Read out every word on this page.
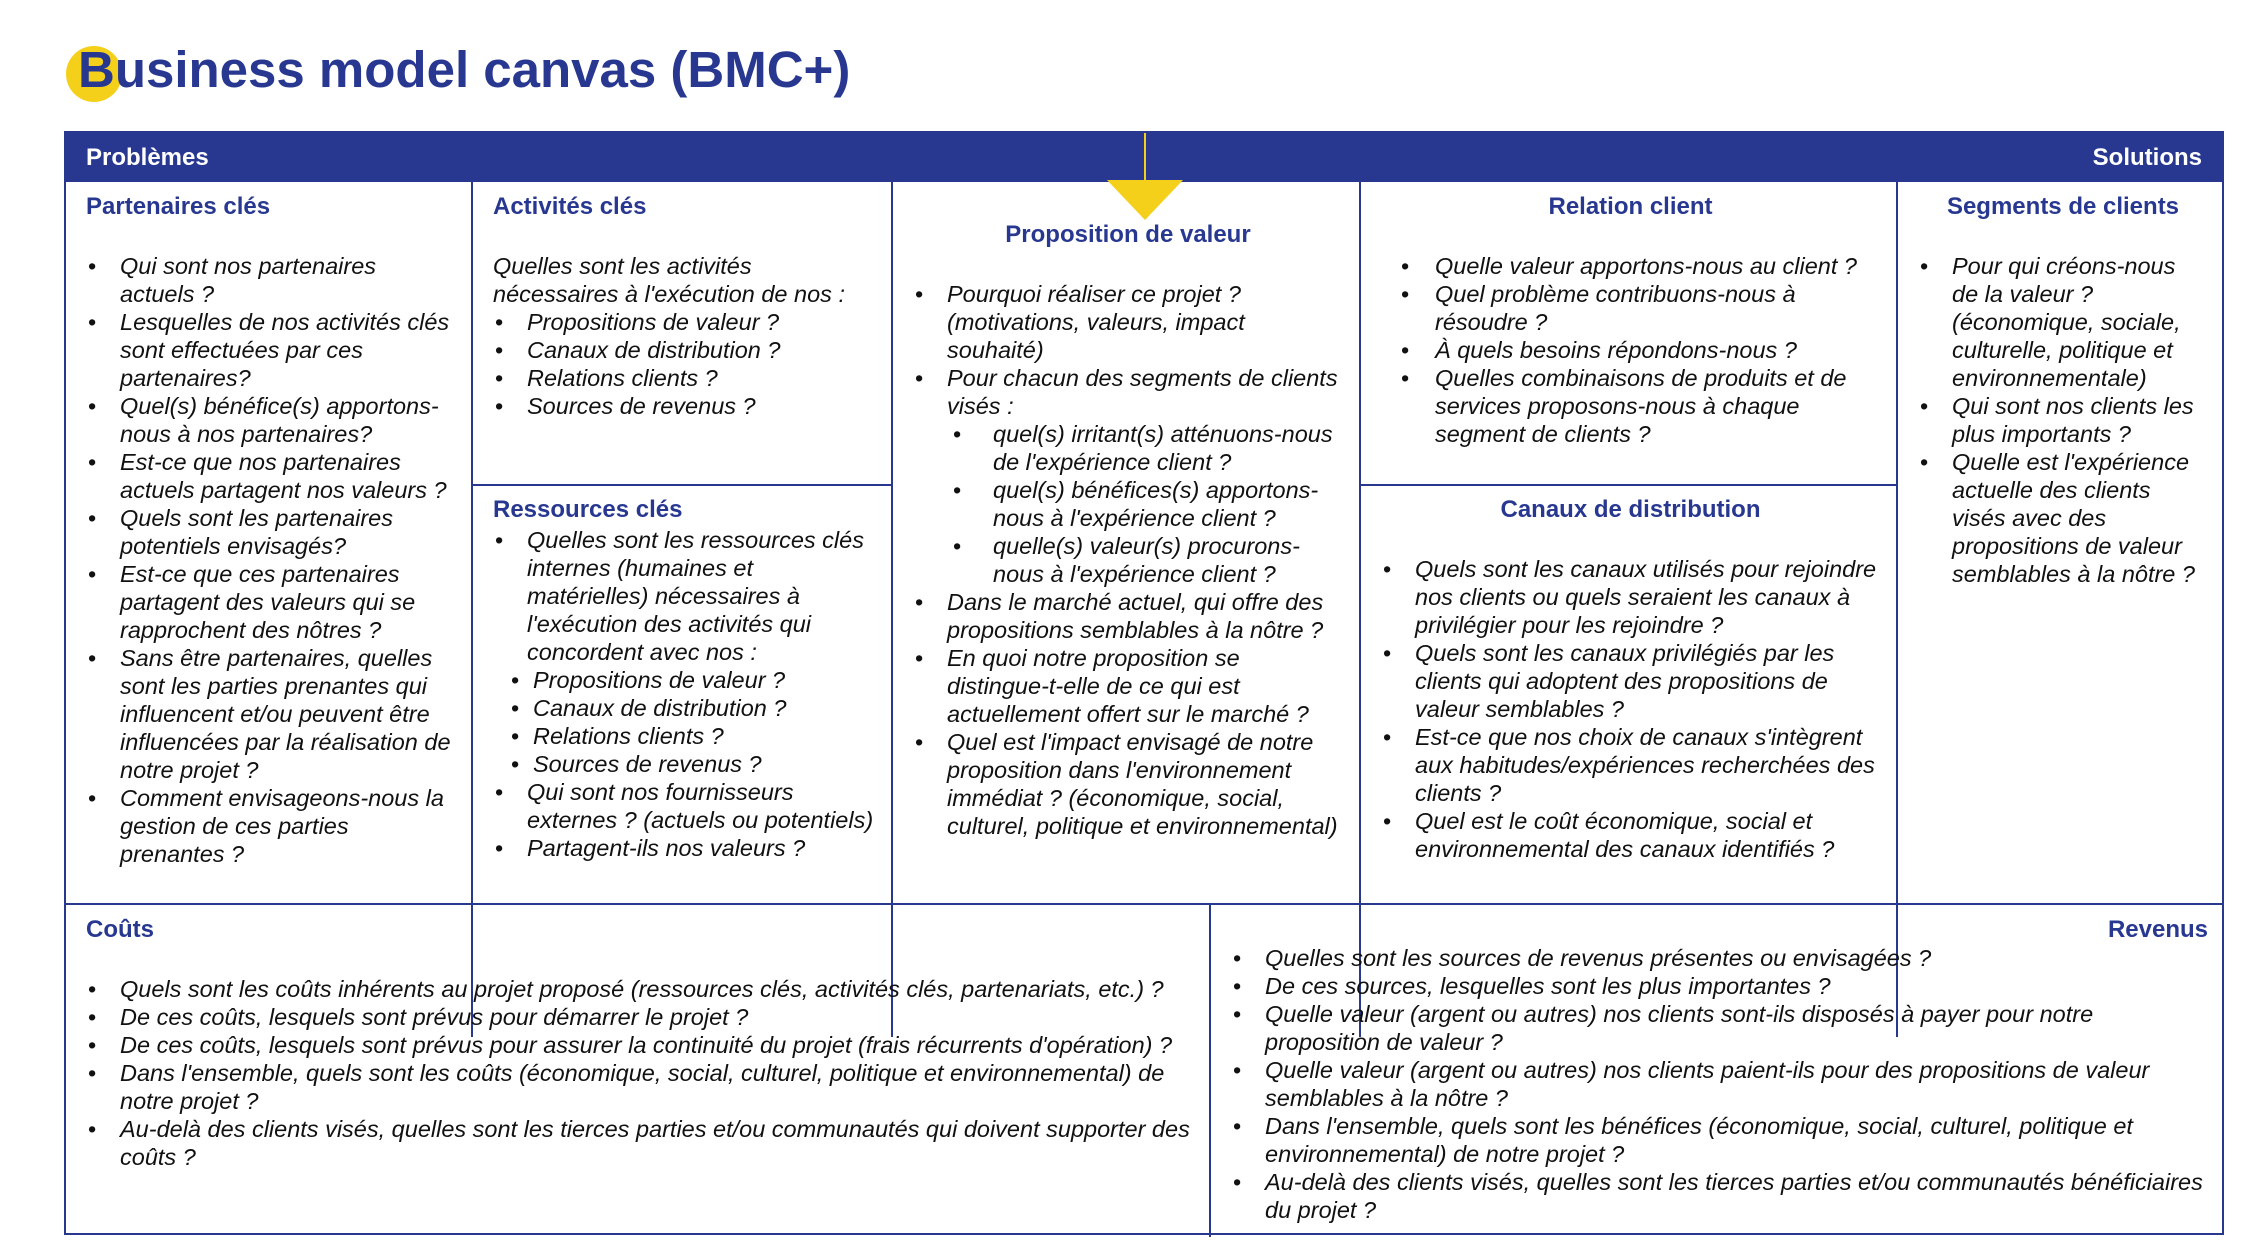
Business model canvas (BMC+)
Problèmes	Solutions
Partenaires clés
• Qui sont nos partenaires actuels ?
• Lesquelles de nos activités clés sont effectuées par ces partenaires?
• Quel(s) bénéfice(s) apportons-nous à nos partenaires?
• Est-ce que nos partenaires actuels partagent nos valeurs ?
• Quels sont les partenaires potentiels envisagés?
• Est-ce que ces partenaires partagent des valeurs qui se rapprochent des nôtres ?
• Sans être partenaires, quelles sont les parties prenantes qui influencent et/ou peuvent être influencées par la réalisation de notre projet ?
• Comment envisageons-nous la gestion de ces parties prenantes ?
Activités clés

Quelles sont les activités nécessaires à l'exécution de nos :

• Propositions de valeur ?
• Canaux de distribution ?
• Relations clients ?
• Sources de revenus ?
Ressources clés
• Quelles sont les ressources clés internes (humaines et matérielles) nécessaires à l'exécution des activités qui concordent avec nos :
• Propositions de valeur ?
• Canaux de distribution ?
• Relations clients ?
• Sources de revenus ?
• Qui sont nos fournisseurs externes ? (actuels ou potentiels)
• Partagent-ils nos valeurs ?
Proposition de valeur
• Pourquoi réaliser ce projet ? (motivations, valeurs, impact souhaité)
• Pour chacun des segments de clients visés :
• quel(s) irritant(s) atténuons-nous de l'expérience client ?
• quel(s) bénéfices(s) apportons-nous à l'expérience client ?
• quelle(s) valeur(s) procurons-nous à l'expérience client ?
• Dans le marché actuel, qui offre des propositions semblables à la nôtre ?
• En quoi notre proposition se distingue-t-elle de ce qui est actuellement offert sur le marché ?
• Quel est l'impact envisagé de notre proposition dans l'environnement immédiat ? (économique, social, culturel, politique et environnemental)
Relation client
• Quelle valeur apportons-nous au client ?
• Quel problème contribuons-nous à résoudre ?
• À quels besoins répondons-nous ?
• Quelles combinaisons de produits et de services proposons-nous à chaque segment de clients ?
Canaux de distribution
• Quels sont les canaux utilisés pour rejoindre nos clients ou quels seraient les canaux à privilégier pour les rejoindre ?
• Quels sont les canaux privilégiés par les clients qui adoptent des propositions de valeur semblables ?
• Est-ce que nos choix de canaux s'intègrent aux habitudes/expériences recherchées des clients ?
• Quel est le coût économique, social et environnemental des canaux identifiés ?
Segments de clients
• Pour qui créons-nous de la valeur ? (économique, sociale, culturelle, politique et environnementale)
• Qui sont nos clients les plus importants ?
• Quelle est l'expérience actuelle des clients visés avec des propositions de valeur semblables à la nôtre ?
Coûts
• Quels sont les coûts inhérents au projet proposé (ressources clés, activités clés, partenariats, etc.) ?
• De ces coûts, lesquels sont prévus pour démarrer le projet ?
• De ces coûts, lesquels sont prévus pour assurer la continuité du projet (frais récurrents d'opération) ?
• Dans l'ensemble, quels sont les coûts (économique, social, culturel, politique et environnemental) de notre projet ?
• Au-delà des clients visés, quelles sont les tierces parties et/ou communautés qui doivent supporter des coûts ?
Revenus
• Quelles sont les sources de revenus présentes ou envisagées ?
• De ces sources, lesquelles sont les plus importantes ?
• Quelle valeur (argent ou autres) nos clients sont-ils disposés à payer pour notre proposition de valeur ?
• Quelle valeur (argent ou autres) nos clients paient-ils pour des propositions de valeur semblables à la nôtre ?
• Dans l'ensemble, quels sont les bénéfices (économique, social, culturel, politique et environnemental) de notre projet ?
• Au-delà des clients visés, quelles sont les tierces parties et/ou communautés bénéficiaires du projet ?
